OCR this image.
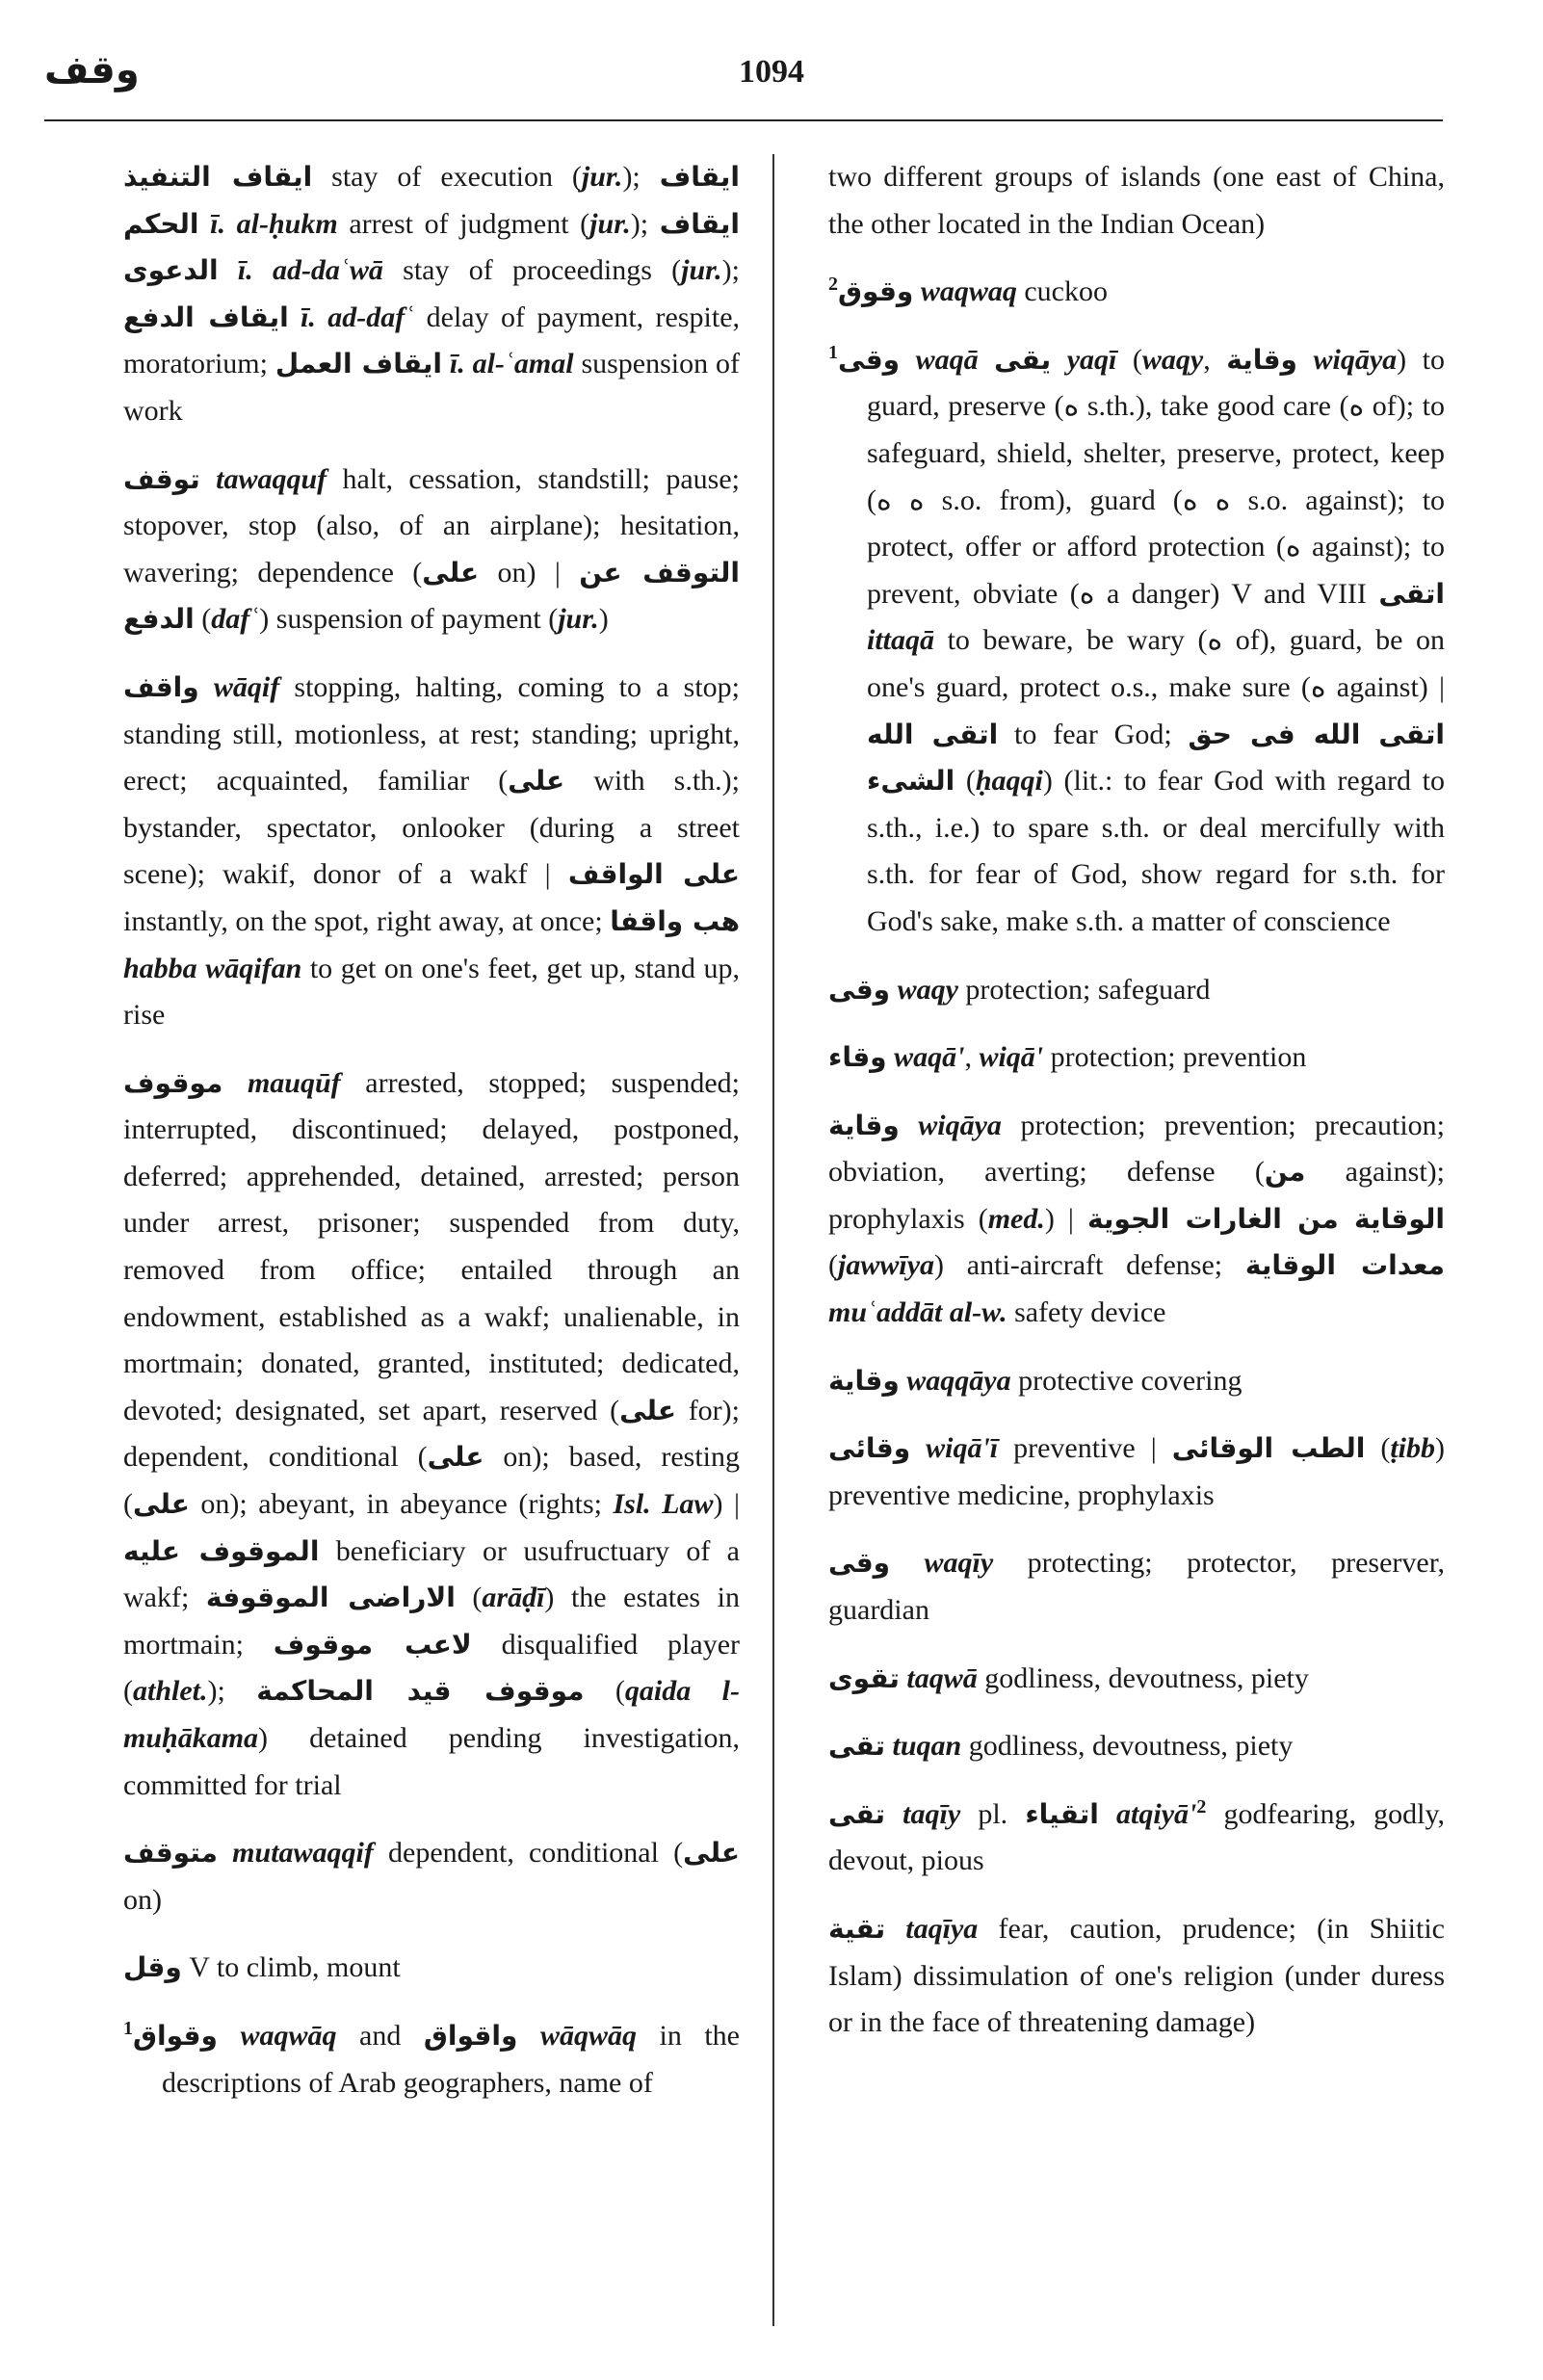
وقف	1094

ايقاف التنفيذ stay of execution (jur.); ايقاف الحكم ī. al-ḥukm arrest of judgment (jur.); ايقاف الدعوى ī. ad-daʿwā stay of proceedings (jur.); ايقاف الدفع ī. ad-dafʿ delay of payment, respite, moratorium; ايقاف العمل ī. al-ʿamal suspension of work

توقف tawaqquf halt, cessation, standstill; pause; stopover, stop (also, of an airplane); hesitation, wavering; dependence (على on) | التوقف عن الدفع (dafʿ) suspension of payment (jur.)

واقف wāqif stopping, halting, coming to a stop; standing still, motionless, at rest; standing; upright, erect; acquainted, familiar (على with s.th.); bystander, spectator, onlooker (during a street scene); wakif, donor of a wakf | على الواقف instantly, on the spot, right away, at once; هب واقفا habba wāqifan to get on one's feet, get up, stand up, rise

موقوف mauqūf arrested, stopped; suspended; interrupted, discontinued; delayed, postponed, deferred; apprehended, detained, arrested; person under arrest, prisoner; suspended from duty, removed from office; entailed through an endowment, established as a wakf; unalienable, in mortmain; donated, granted, instituted; dedicated, devoted; designated, set apart, reserved (على for); dependent, conditional (على on); based, resting (على on); abeyant, in abeyance (rights; Isl. Law) | الموقوف عليه beneficiary or usufructuary of a wakf; الاراضى الموقوفة (arāḍī) the estates in mortmain; لاعب موقوف disqualified player (athlet.); موقوف قيد المحاكمة (qaida l-muḥākama) detained pending investigation, committed for trial

متوقف mutawaqqif dependent, conditional (على on)

وقل V to climb, mount

$^1$وقواق waqwāq and واقواق wāqwāq in the descriptions of Arab geographers, name of

two different groups of islands (one east of China, the other located in the Indian Ocean)

$^2$وقوق waqwaq cuckoo

$^1$وقى waqā يقى yaqī (waqy, وقاية wiqāya) to guard, preserve (ه s.th.), take good care (ه of); to safeguard, shield, shelter, preserve, protect, keep (ه ه s.o. from), guard (ه ه s.o. against); to protect, offer or afford protection (ه against); to prevent, obviate (ه a danger) V and VIII اتقى ittaqā to beware, be wary (ه of), guard, be on one's guard, protect o.s., make sure (ه against) | اتقى الله to fear God; اتقى الله فى حق الشىء (ḥaqqi) (lit.: to fear God with regard to s.th., i.e.) to spare s.th. or deal mercifully with s.th. for fear of God, show regard for s.th. for God's sake, make s.th. a matter of conscience

وقى waqy protection; safeguard

وقاء waqā', wiqā' protection; prevention

وقاية wiqāya protection; prevention; precaution; obviation, averting; defense (من against); prophylaxis (med.) | الوقاية من الغارات الجوية (jawwīya) anti-aircraft defense; معدات الوقاية muʿaddāt al-w. safety device

وقاية waqqāya protective covering

وقائى wiqā'ī preventive | الطب الوقائى (ṭibb) preventive medicine, prophylaxis

وقى waqīy protecting; protector, preserver, guardian

تقوى taqwā godliness, devoutness, piety

تقى tuqan godliness, devoutness, piety

تقى taqīy pl. اتقياء $atqiyā'^2$ godfearing, godly, devout, pious

تقية taqīya fear, caution, prudence; (in Shiitic Islam) dissimulation of one's religion (under duress or in the face of threatening damage)
